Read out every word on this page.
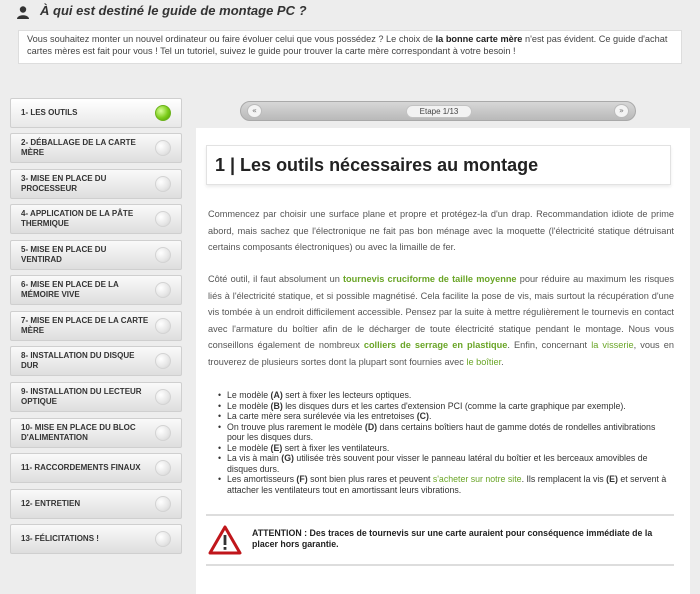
À qui est destiné le guide de montage PC ?
Vous souhaitez monter un nouvel ordinateur ou faire évoluer celui que vous possédez ? Le choix de la bonne carte mère n'est pas évident. Ce guide d'achat cartes mères est fait pour vous ! Tel un tutoriel, suivez le guide pour trouver la carte mère correspondant à votre besoin !
1- LES OUTILS
2- DÉBALLAGE DE LA CARTE MÈRE
3- MISE EN PLACE DU PROCESSEUR
4- APPLICATION DE LA PÂTE THERMIQUE
5- MISE EN PLACE DU VENTIRAD
6- MISE EN PLACE DE LA MÉMOIRE VIVE
7- MISE EN PLACE DE LA CARTE MÈRE
8- INSTALLATION DU DISQUE DUR
9- INSTALLATION DU LECTEUR OPTIQUE
10- MISE EN PLACE DU BLOC D'ALIMENTATION
11- RACCORDEMENTS FINAUX
12- ENTRETIEN
13- FÉLICITATIONS !
«	Etape 1/13	»
1 | Les outils nécessaires au montage
Commencez par choisir une surface plane et propre et protégez-la d'un drap. Recommandation idiote de prime abord, mais sachez que l'électronique ne fait pas bon ménage avec la moquette (l'électricité statique détruisant certains composants électroniques) ou avec la limaille de fer.
Côté outil, il faut absolument un tournevis cruciforme de taille moyenne pour réduire au maximum les risques liés à l'électricité statique, et si possible magnétisé. Cela facilite la pose de vis, mais surtout la récupération d'une vis tombée à un endroit difficilement accessible. Pensez par la suite à mettre régulièrement le tournevis en contact avec l'armature du boîtier afin de le décharger de toute électricité statique pendant le montage. Nous vous conseillons également de nombreux colliers de serrage en plastique. Enfin, concernant la visserie, vous en trouverez de plusieurs sortes dont la plupart sont fournies avec le boîtier.
• Le modèle (A) sert à fixer les lecteurs optiques.
• Le modèle (B) les disques durs et les cartes d'extension PCI (comme la carte graphique par exemple).
• La carte mère sera surélevée via les entretoises (C).
• On trouve plus rarement le modèle (D) dans certains boîtiers haut de gamme dotés de rondelles antivibrations pour les disques durs.
• Le modèle (E) sert à fixer les ventilateurs.
• La vis à main (G) utilisée très souvent pour visser le panneau latéral du boîtier et les berceaux amovibles de disques durs.
• Les amortisseurs (F) sont bien plus rares et peuvent s'acheter sur notre site. Ils remplacent la vis (E) et servent à attacher les ventilateurs tout en amortissant leurs vibrations.
ATTENTION : Des traces de tournevis sur une carte auraient pour conséquence immédiate de la placer hors garantie.
